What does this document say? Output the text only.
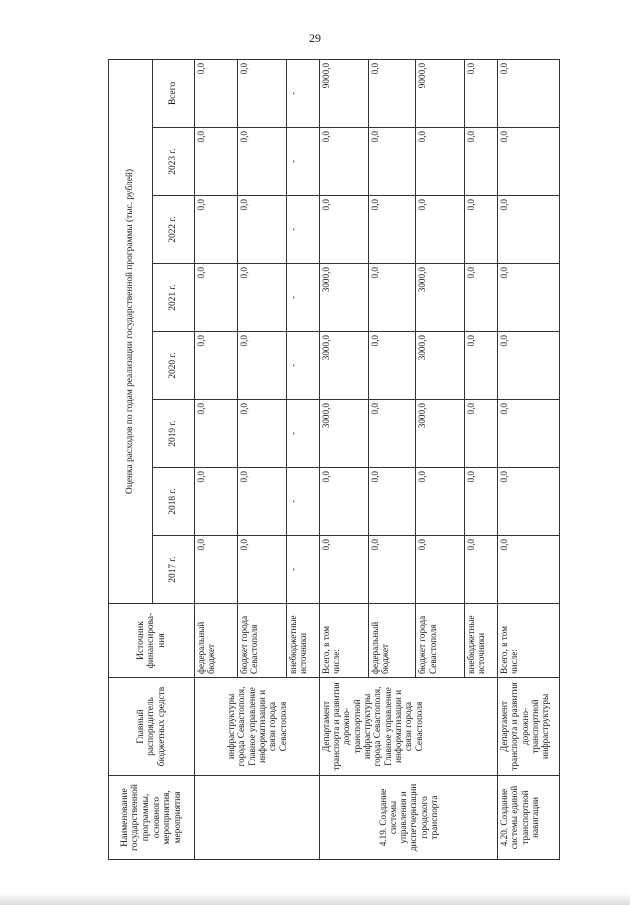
29
Наименование государственной программы, основного мероприятия, мероприятия	Главный распорядитель бюджетных средств	Источник финансирова-ния	Оценка расходов по годам реализации государственной программы (тыс. рублей)							
			2017 г.	2018 г.	2019 г.	2020 г.	2021 г.	2022 г.	2023 г.	Всего
	инфраструктуры города Севастополя, Главное управление информатизации и связи города Севастополя	федеральный бюджет	0,0	0,0	0,0	0,0	0,0	0,0	0,0	0,0
		бюджет города Севастополя	0,0	0,0	0,0	0,0	0,0	0,0	0,0	0,0
		внебюджетные источники	-	-	-	-	-	-	-	-
4.19. Создание системы управления и диспетчеризации городского транспорта	Департамент транспорта и развития дорожно-транспортной инфраструктуры города Севастополя, Главное управление информатизации и связи города Севастополя	Всего, в том числе:	0,0	0,0	3000,0	3000,0	3000,0	0,0	0,0	9000,0
		федеральный бюджет	0,0	0,0	0,0	0,0	0,0	0,0	0,0	0,0
		бюджет города Севастополя	0,0	0,0	3000,0	3000,0	3000,0	0,0	0,0	9000,0
		внебюджетные источники	0,0	0,0	0,0	0,0	0,0	0,0	0,0	0,0
4.20. Создание системы единой транспортной навигации	Департамент транспорта и развития дорожно-транспортной инфраструктуры	Всего, в том числе:	0,0	0,0	0,0	0,0	0,0	0,0	0,0	0,0
